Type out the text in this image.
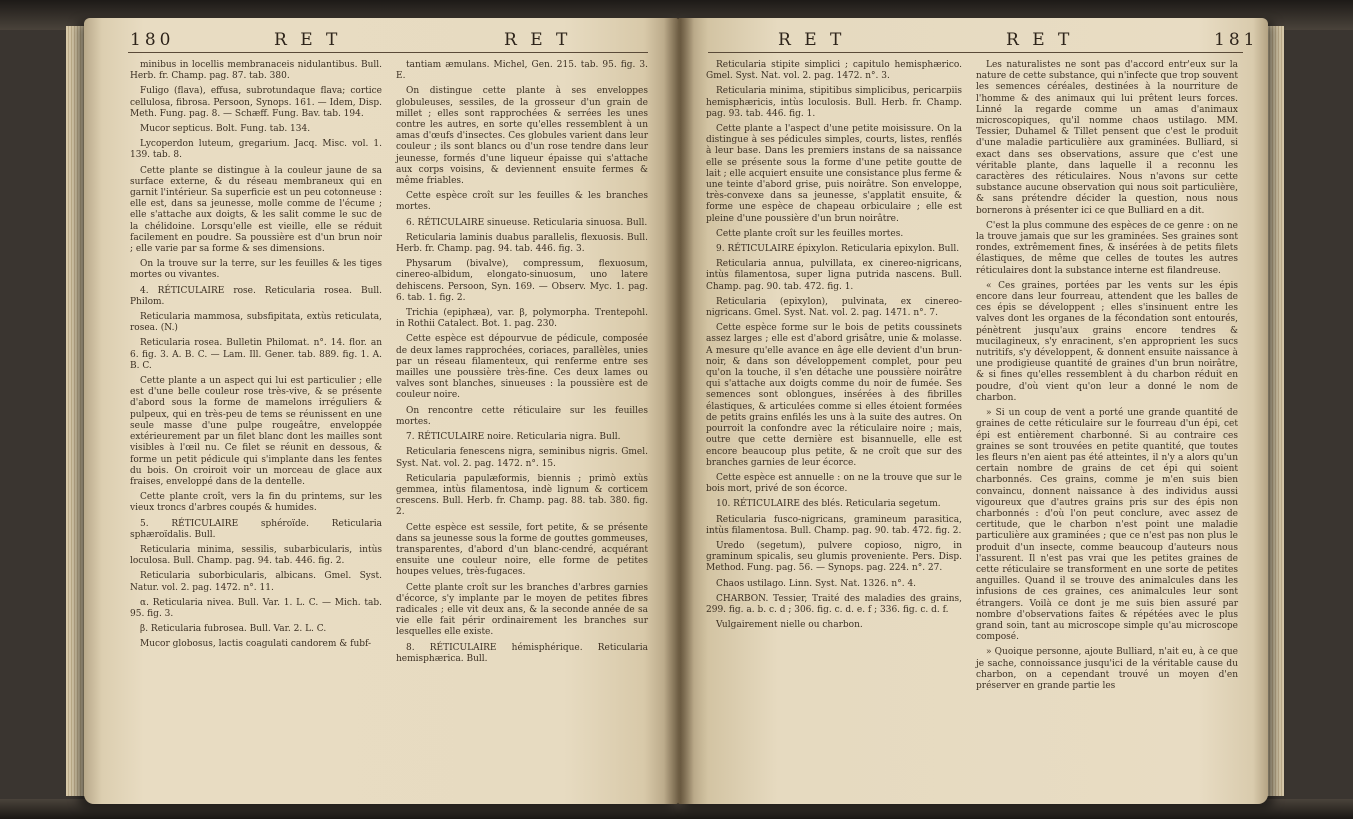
180	R E T	R E T

minibus in locellis membranaceis nidulantibus. Bull. Herb. fr. Champ. pag. 87. tab. 380.

Fuligo (flava), effusa, subrotundaque flava; cortice cellulosa, fibrosa. Persoon, Synops. 161. — Idem, Disp. Meth. Fung. pag. 8. — Schæff. Fung. Bav. tab. 194.

Mucor septicus. Bolt. Fung. tab. 134.

Lycoperdon luteum, gregarium. Jacq. Misc. vol. 1. 139. tab. 8.

Cette plante se distingue à la couleur jaune de sa surface externe, & du réseau membraneux qui en garnit l'intérieur. Sa superficie est un peu cotonneuse : elle est, dans sa jeunesse, molle comme de l'écume ; elle s'attache aux doigts, & les salit comme le suc de la chélidoine. Lorsqu'elle est vieille, elle se réduit facilement en poudre. Sa poussière est d'un brun noir ; elle varie par sa forme & ses dimensions.

On la trouve sur la terre, sur les feuilles & les tiges mortes ou vivantes.

4. RÉTICULAIRE rose. Reticularia rosea. Bull. Philom.

Reticularia mammosa, subsfipitata, extùs reticulata, rosea. (N.)

Reticularia rosea. Bulletin Philomat. n°. 14. flor. an 6. fig. 3. A. B. C. — Lam. Ill. Gener. tab. 889. fig. 1. A. B. C.

Cette plante a un aspect qui lui est particulier ; elle est d'une belle couleur rose très-vive, & se présente d'abord sous la forme de mamelons irréguliers & pulpeux, qui en très-peu de tems se réunissent en une seule masse d'une pulpe rougeâtre, enveloppée extérieurement par un filet blanc dont les mailles sont visibles à l'œil nu. Ce filet se réunit en dessous, & forme un petit pédicule qui s'implante dans les fentes du bois. On croiroit voir un morceau de glace aux fraises, enveloppé dans de la dentelle.

Cette plante croît, vers la fin du printems, sur les vieux troncs d'arbres coupés & humides.

5. RÉTICULAIRE sphéroïde. Reticularia sphæroïdalis. Bull.

Reticularia minima, sessilis, subarbicularis, intùs loculosa. Bull. Champ. pag. 94. tab. 446. fig. 2.

Reticularia suborbicularis, albicans. Gmel. Syst. Natur. vol. 2. pag. 1472. n°. 11.

α. Reticularia nivea. Bull. Var. 1. L. C. — Mich. tab. 95. fig. 3.

β. Reticularia fubrosea. Bull. Var. 2. L. C.

Mucor globosus, lactis coagulati candorem & fubf-

tantiam æmulans. Michel, Gen. 215. tab. 95. fig. 3. E.

On distingue cette plante à ses enveloppes globuleuses, sessiles, de la grosseur d'un grain de millet ; elles sont rapprochées & serrées les unes contre les autres, en sorte qu'elles ressemblent à un amas d'œufs d'insectes. Ces globules varient dans leur couleur ; ils sont blancs ou d'un rose tendre dans leur jeunesse, formés d'une liqueur épaisse qui s'attache aux corps voisins, & deviennent ensuite fermes & même friables.

Cette espèce croît sur les feuilles & les branches mortes.

6. RÉTICULAIRE sinueuse. Reticularia sinuosa. Bull.

Reticularia laminis duabus parallelis, flexuosis. Bull. Herb. fr. Champ. pag. 94. tab. 446. fig. 3.

Physarum (bivalve), compressum, flexuosum, cinereo-albidum, elongato-sinuosum, uno latere dehiscens. Persoon, Syn. 169. — Observ. Myc. 1. pag. 6. tab. 1. fig. 2.

Trichia (epiphæa), var. β, polymorpha. Trentepohl. in Rothii Catalect. Bot. 1. pag. 230.

Cette espèce est dépourvue de pédicule, composée de deux lames rapprochées, coriaces, parallèles, unies par un réseau filamenteux, qui renferme entre ses mailles une poussière très-fine. Ces deux lames ou valves sont blanches, sinueuses : la poussière est de couleur noire.

On rencontre cette réticulaire sur les feuilles mortes.

7. RÉTICULAIRE noire. Reticularia nigra. Bull.

Reticularia fenescens nigra, seminibus nigris. Gmel. Syst. Nat. vol. 2. pag. 1472. n°. 15.

Reticularia papulæformis, biennis ; primò extùs gemmea, intùs filamentosa, indè lignum & corticem crescens. Bull. Herb. fr. Champ. pag. 88. tab. 380. fig. 2.

Cette espèce est sessile, fort petite, & se présente dans sa jeunesse sous la forme de gouttes gommeuses, transparentes, d'abord d'un blanc-cendré, acquérant ensuite une couleur noire, elle forme de petites houpes velues, très-fugaces.

Cette plante croît sur les branches d'arbres garnies d'écorce, s'y implante par le moyen de petites fibres radicales ; elle vit deux ans, & la seconde année de sa vie elle fait périr ordinairement les branches sur lesquelles elle existe.

8. RÉTICULAIRE hémisphérique. Reticularia hemisphærica. Bull.

R E T	R E T	181

Reticularia stipite simplici ; capitulo hemisphærico. Gmel. Syst. Nat. vol. 2. pag. 1472. n°. 3.

Reticularia minima, stipitibus simplicibus, pericarpiis hemisphæricis, intùs loculosis. Bull. Herb. fr. Champ. pag. 93. tab. 446. fig. 1.

Cette plante a l'aspect d'une petite moisissure. On la distingue à ses pédicules simples, courts, listes, renflés à leur base. Dans les premiers instans de sa naissance elle se présente sous la forme d'une petite goutte de lait ; elle acquiert ensuite une consistance plus ferme & une teinte d'abord grise, puis noirâtre. Son enveloppe, très-convexe dans sa jeunesse, s'applatit ensuite, & forme une espèce de chapeau orbiculaire ; elle est pleine d'une poussière d'un brun noirâtre.

Cette plante croît sur les feuilles mortes.

9. RÉTICULAIRE épixylon. Reticularia epixylon. Bull.

Reticularia annua, pulvillata, ex cinereo-nigricans, intùs filamentosa, super ligna putrida nascens. Bull. Champ. pag. 90. tab. 472. fig. 1.

Reticularia (epixylon), pulvinata, ex cinereo-nigricans. Gmel. Syst. Nat. vol. 2. pag. 1471. n°. 7.

Cette espèce forme sur le bois de petits coussinets assez larges ; elle est d'abord grisâtre, unie & molasse. A mesure qu'elle avance en âge elle devient d'un brun-noir, & dans son développement complet, pour peu qu'on la touche, il s'en détache une poussière noirâtre qui s'attache aux doigts comme du noir de fumée. Ses semences sont oblongues, insérées à des fibrilles élastiques, & articulées comme si elles étoient formées de petits grains enfilés les uns à la suite des autres. On pourroit la confondre avec la réticulaire noire ; mais, outre que cette dernière est bisannuelle, elle est encore beaucoup plus petite, & ne croît que sur des branches garnies de leur écorce.

Cette espèce est annuelle : on ne la trouve que sur le bois mort, privé de son écorce.

10. RÉTICULAIRE des blés. Reticularia segetum.

Reticularia fusco-nigricans, gramineum parasitica, intùs filamentosa. Bull. Champ. pag. 90. tab. 472. fig. 2.

Uredo (segetum), pulvere copioso, nigro, in graminum spicalis, seu glumis proveniente. Pers. Disp. Method. Fung. pag. 56. — Synops. pag. 224. n°. 27.

Chaos ustilago. Linn. Syst. Nat. 1326. n°. 4.

CHARBON. Tessier, Traité des maladies des grains, 299. fig. a. b. c. d ; 306. fig. c. d. e. f ; 336. fig. c. d. f.

Vulgairement nielle ou charbon.

Les naturalistes ne sont pas d'accord entr'eux sur la nature de cette substance, qui n'infecte que trop souvent les semences céréales, destinées à la nourriture de l'homme & des animaux qui lui prêtent leurs forces. Linné la regarde comme un amas d'animaux microscopiques, qu'il nomme chaos ustilago. MM. Tessier, Duhamel & Tillet pensent que c'est le produit d'une maladie particulière aux graminées. Bulliard, si exact dans ses observations, assure que c'est une véritable plante, dans laquelle il a reconnu les caractères des réticulaires. Nous n'avons sur cette substance aucune observation qui nous soit particulière, & sans prétendre décider la question, nous nous bornerons à présenter ici ce que Bulliard en a dit.

C'est la plus commune des espèces de ce genre : on ne la trouve jamais que sur les graminées. Ses graines sont rondes, extrêmement fines, & insérées à de petits filets élastiques, de même que celles de toutes les autres réticulaires dont la substance interne est filandreuse.

« Ces graines, portées par les vents sur les épis encore dans leur fourreau, attendent que les balles de ces épis se développent ; elles s'insinuent entre les valves dont les organes de la fécondation sont entourés, pénètrent jusqu'aux grains encore tendres & mucilagineux, s'y enracinent, s'en approprient les sucs nutritifs, s'y développent, & donnent ensuite naissance à une prodigieuse quantité de graines d'un brun noirâtre, & si fines qu'elles ressemblent à du charbon réduit en poudre, d'où vient qu'on leur a donné le nom de charbon.

» Si un coup de vent a porté une grande quantité de graines de cette réticulaire sur le fourreau d'un épi, cet épi est entièrement charbonné. Si au contraire ces graines se sont trouvées en petite quantité, que toutes les fleurs n'en aient pas été atteintes, il n'y a alors qu'un certain nombre de grains de cet épi qui soient charbonnés. Ces grains, comme je m'en suis bien convaincu, donnent naissance à des individus aussi vigoureux que d'autres grains pris sur des épis non charbonnés : d'où l'on peut conclure, avec assez de certitude, que le charbon n'est point une maladie particulière aux graminées ; que ce n'est pas non plus le produit d'un insecte, comme beaucoup d'auteurs nous l'assurent. Il n'est pas vrai que les petites graines de cette réticulaire se transforment en une sorte de petites anguilles. Quand il se trouve des animalcules dans les infusions de ces graines, ces animalcules leur sont étrangers. Voilà ce dont je me suis bien assuré par nombre d'observations faites & répétées avec le plus grand soin, tant au microscope simple qu'au microscope composé.

» Quoique personne, ajoute Bulliard, n'ait eu, à ce que je sache, connoissance jusqu'ici de la véritable cause du charbon, on a cependant trouvé un moyen d'en préserver en grande partie les
